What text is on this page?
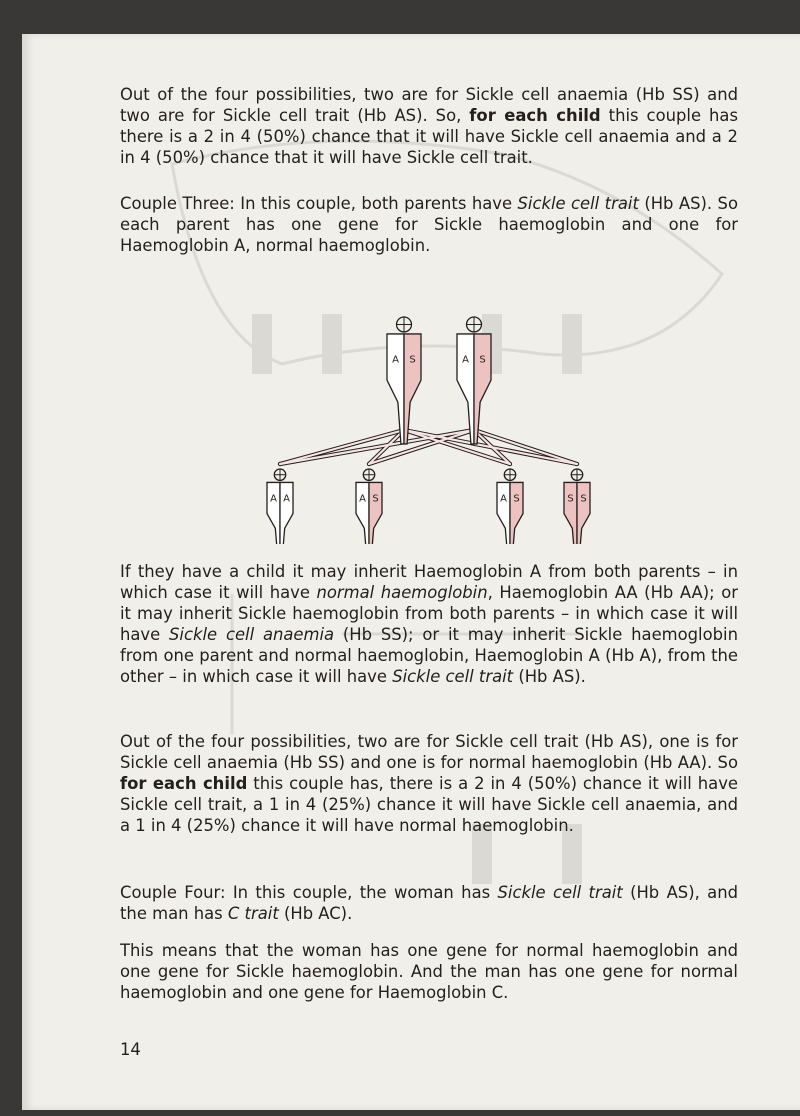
Out of the four possibilities, two are for Sickle cell anaemia (Hb SS) and two are for Sickle cell trait (Hb AS). So, for each child this couple has there is a 2 in 4 (50%) chance that it will have Sickle cell anaemia and a 2 in 4 (50%) chance that it will have Sickle cell trait.

Couple Three: In this couple, both parents have Sickle cell trait (Hb AS). So each parent has one gene for Sickle haemoglobin and one for Haemoglobin A, normal haemoglobin.

A S	A S
A A	A S	A S	S S

If they have a child it may inherit Haemoglobin A from both parents – in which case it will have normal haemoglobin, Haemoglobin AA (Hb AA); or it may inherit Sickle haemoglobin from both parents – in which case it will have Sickle cell anaemia (Hb SS); or it may inherit Sickle haemoglobin from one parent and normal haemoglobin, Haemoglobin A (Hb A), from the other – in which case it will have Sickle cell trait (Hb AS).

Out of the four possibilities, two are for Sickle cell trait (Hb AS), one is for Sickle cell anaemia (Hb SS) and one is for normal haemoglobin (Hb AA). So for each child this couple has, there is a 2 in 4 (50%) chance it will have Sickle cell trait, a 1 in 4 (25%) chance it will have Sickle cell anaemia, and a 1 in 4 (25%) chance it will have normal haemoglobin.

Couple Four: In this couple, the woman has Sickle cell trait (Hb AS), and the man has C trait (Hb AC).

This means that the woman has one gene for normal haemoglobin and one gene for Sickle haemoglobin. And the man has one gene for normal haemoglobin and one gene for Haemoglobin C.

14
